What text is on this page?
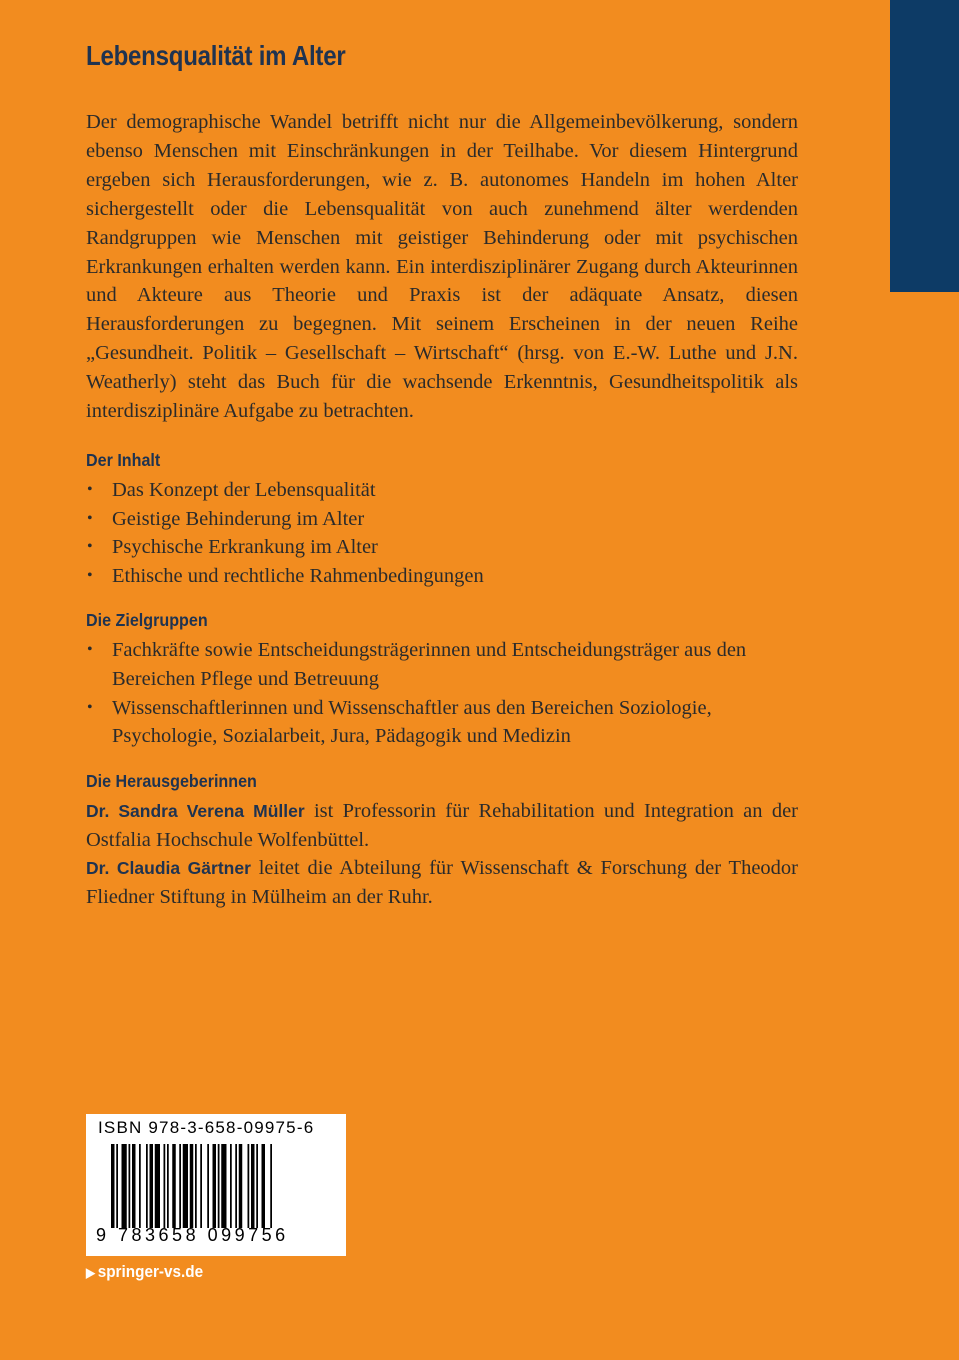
Lebensqualität im Alter

Der demographische Wandel betrifft nicht nur die Allgemeinbevölkerung, sondern ebenso Menschen mit Einschränkungen in der Teilhabe. Vor diesem Hintergrund ergeben sich Herausforderungen, wie z. B. autonomes Handeln im hohen Alter sichergestellt oder die Lebensqualität von auch zunehmend älter werdenden Randgruppen wie Menschen mit geistiger Behinderung oder mit psychischen Erkrankungen erhalten werden kann. Ein interdisziplinärer Zugang durch Akteurinnen und Akteure aus Theorie und Praxis ist der adäquate Ansatz, diesen Herausforderungen zu begegnen. Mit seinem Erscheinen in der neuen Reihe „Gesundheit. Politik – Gesellschaft – Wirtschaft“ (hrsg. von E.-W. Luthe und J.N. Weatherly) steht das Buch für die wachsende Erkenntnis, Gesundheitspolitik als interdisziplinäre Aufgabe zu betrachten.

Der Inhalt
• Das Konzept der Lebensqualität
• Geistige Behinderung im Alter
• Psychische Erkrankung im Alter
• Ethische und rechtliche Rahmenbedingungen
Die Zielgruppen
• Fachkräfte sowie Entscheidungsträgerinnen und Entscheidungsträger aus den Bereichen Pflege und Betreuung
• Wissenschaftlerinnen und Wissenschaftler aus den Bereichen Soziologie, Psychologie, Sozialarbeit, Jura, Pädagogik und Medizin
Die Herausgeberinnen

Dr. Sandra Verena Müller ist Professorin für Rehabilitation und Integration an der Ostfalia Hochschule Wolfenbüttel.

Dr. Claudia Gärtner leitet die Abteilung für Wissenschaft & Forschung der Theodor Fliedner Stiftung in Mülheim an der Ruhr.

ISBN 978-3-658-09975-6
9 783658 099756
▶ springer-vs.de
